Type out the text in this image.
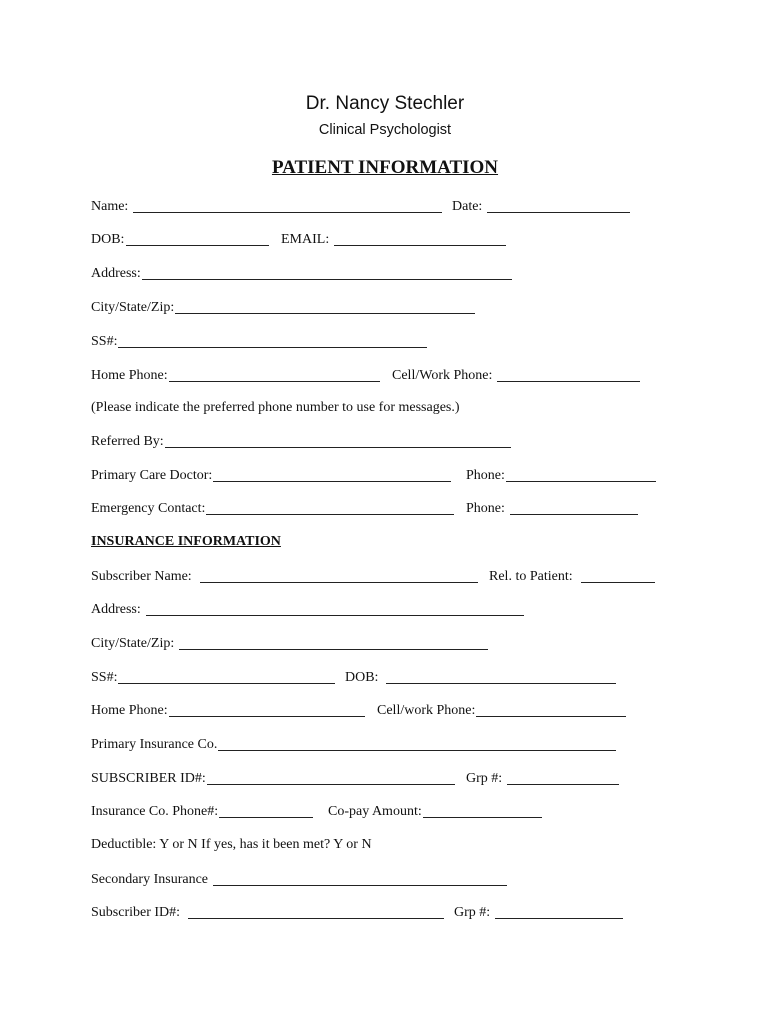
Dr. Nancy Stechler
Clinical Psychologist
PATIENT INFORMATION
Name:	Date:
DOB:	EMAIL:
Address:
City/State/Zip:
SS#:
Home Phone:	Cell/Work Phone:
(Please indicate the preferred phone number to use for messages.)
Referred By:
Primary Care Doctor:	Phone:
Emergency Contact:	Phone:
INSURANCE INFORMATION
Subscriber Name:	Rel. to Patient:
Address:
City/State/Zip:
SS#:	DOB:
Home Phone:	Cell/work Phone:
Primary Insurance Co.
SUBSCRIBER ID#:	Grp #:
Insurance Co. Phone#:	Co-pay Amount:
Deductible: Y or N If yes, has it been met? Y or N
Secondary Insurance
Subscriber ID#:	Grp #:
